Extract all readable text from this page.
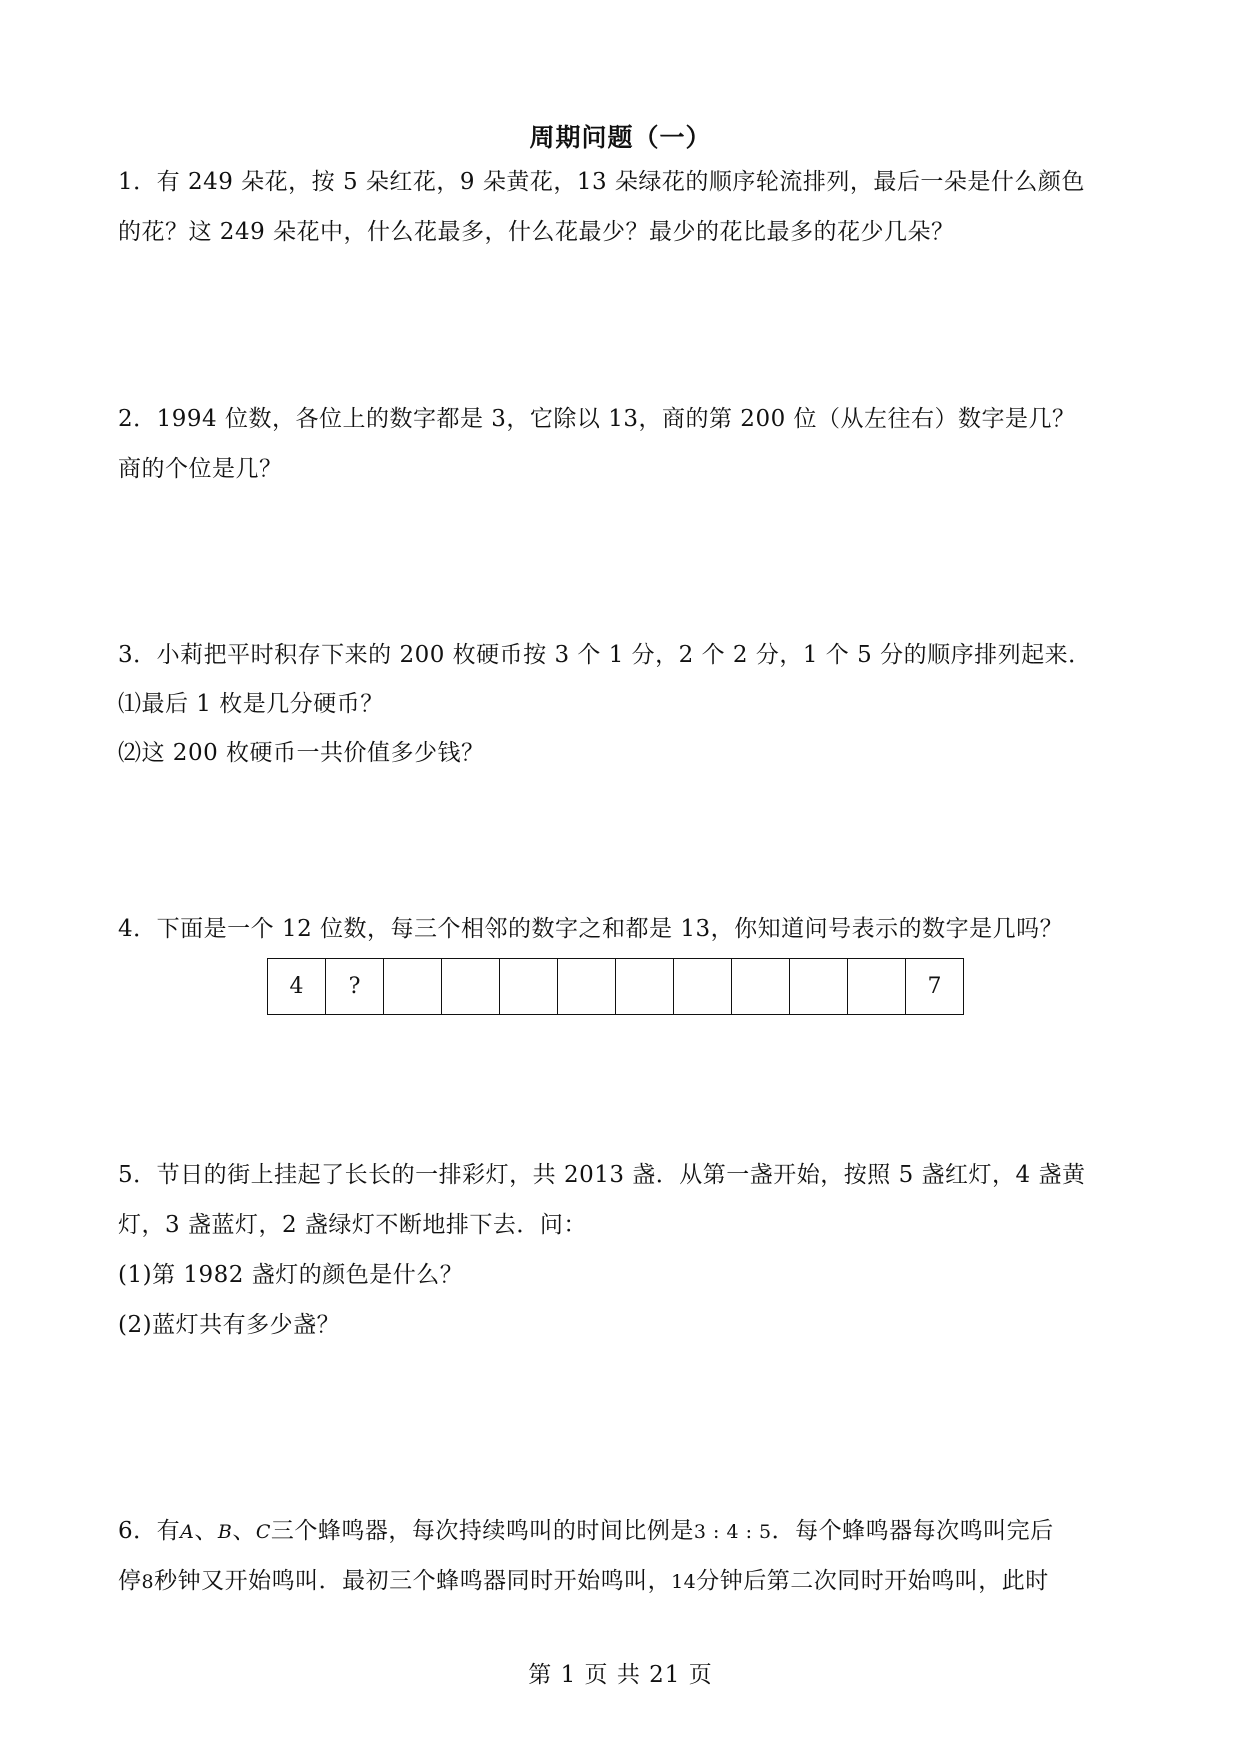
周期问题（一）
1．有 249 朵花，按 5 朵红花，9 朵黄花，13 朵绿花的顺序轮流排列，最后一朵是什么颜色
的花？这 249 朵花中，什么花最多，什么花最少？最少的花比最多的花少几朵？
2．1994 位数，各位上的数字都是 3，它除以 13，商的第 200 位（从左往右）数字是几？
商的个位是几？
3．小莉把平时积存下来的 200 枚硬币按 3 个 1 分，2 个 2 分，1 个 5 分的顺序排列起来．
⑴最后 1 枚是几分硬币？
⑵这 200 枚硬币一共价值多少钱？
4．下面是一个 12 位数，每三个相邻的数字之和都是 13，你知道问号表示的数字是几吗？
4	?										7
5．节日的街上挂起了长长的一排彩灯，共 2013 盏．从第一盏开始，按照 5 盏红灯，4 盏黄
灯，3 盏蓝灯，2 盏绿灯不断地排下去．问：
(1)第 1982 盏灯的颜色是什么？
(2)蓝灯共有多少盏？
6．有A、B、C三个蜂鸣器，每次持续鸣叫的时间比例是3 : 4 : 5．每个蜂鸣器每次鸣叫完后
停8秒钟又开始鸣叫．最初三个蜂鸣器同时开始鸣叫，14分钟后第二次同时开始鸣叫，此时
第 1 页 共 21 页
